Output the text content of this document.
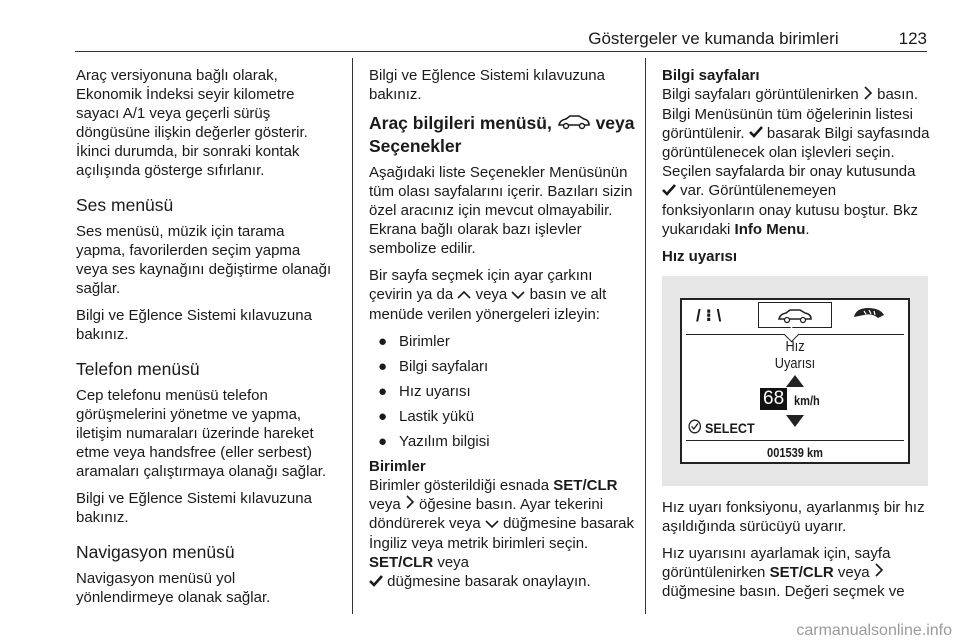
Göstergeler ve kumanda birimleri	123

Araç versiyonuna bağlı olarak, Ekonomik İndeksi seyir kilometre sayacı A/1 veya geçerli sürüş döngüsüne ilişkin değerler gösterir. İkinci durumda, bir sonraki kontak açılışında gösterge sıfırlanır.

Ses menüsü

Ses menüsü, müzik için tarama yapma, favorilerden seçim yapma veya ses kaynağını değiştirme olanağı sağlar.

Bilgi ve Eğlence Sistemi kılavuzuna bakınız.

Telefon menüsü

Cep telefonu menüsü telefon görüşmelerini yönetme ve yapma, iletişim numaraları üzerinde hareket etme veya handsfree (eller serbest) aramaları çalıştırmaya olanağı sağlar.

Bilgi ve Eğlence Sistemi kılavuzuna bakınız.

Navigasyon menüsü

Navigasyon menüsü yol yönlendirmeye olanak sağlar.

Bilgi ve Eğlence Sistemi kılavuzuna bakınız.

Araç bilgileri menüsü,	veya
Seçenekler

Aşağıdaki liste Seçenekler Menüsünün tüm olası sayfalarını içerir. Bazıları sizin özel aracınız için mevcut olmayabilir. Ekrana bağlı olarak bazı işlevler sembolize edilir.

Bir sayfa seçmek için ayar çarkını çevirin ya da veya basın ve alt menüde verilen yönergeleri izleyin:

● Birimler
● Bilgi sayfaları
● Hız uyarısı
● Lastik yükü
● Yazılım bilgisi

Birimler

Birimler gösterildiği esnada SET/CLR veya öğesine basın. Ayar tekerini döndürerek veya düğmesine basarak İngiliz veya metrik birimleri seçin. SET/CLR veya
düğmesine basarak onaylayın.

Bilgi sayfaları

Bilgi sayfaları görüntülenirken basın. Bilgi Menüsünün tüm öğelerinin listesi görüntülenir. basarak Bilgi sayfasında görüntülenecek olan işlevleri seçin. Seçilen sayfalarda bir onay kutusunda  var. Görüntülenemeyen fonksiyonların onay kutusu boştur. Bkz yukarıdaki Info Menu.

Hız uyarısı

/ ⁝ \
Hız
Uyarısı
68 km/h
SELECT
001539 km

Hız uyarı fonksiyonu, ayarlanmış bir hız aşıldığında sürücüyü uyarır.

Hız uyarısını ayarlamak için, sayfa görüntülenirken SET/CLR veya  düğmesine basın. Değeri seçmek ve

carmanualsonline.info
